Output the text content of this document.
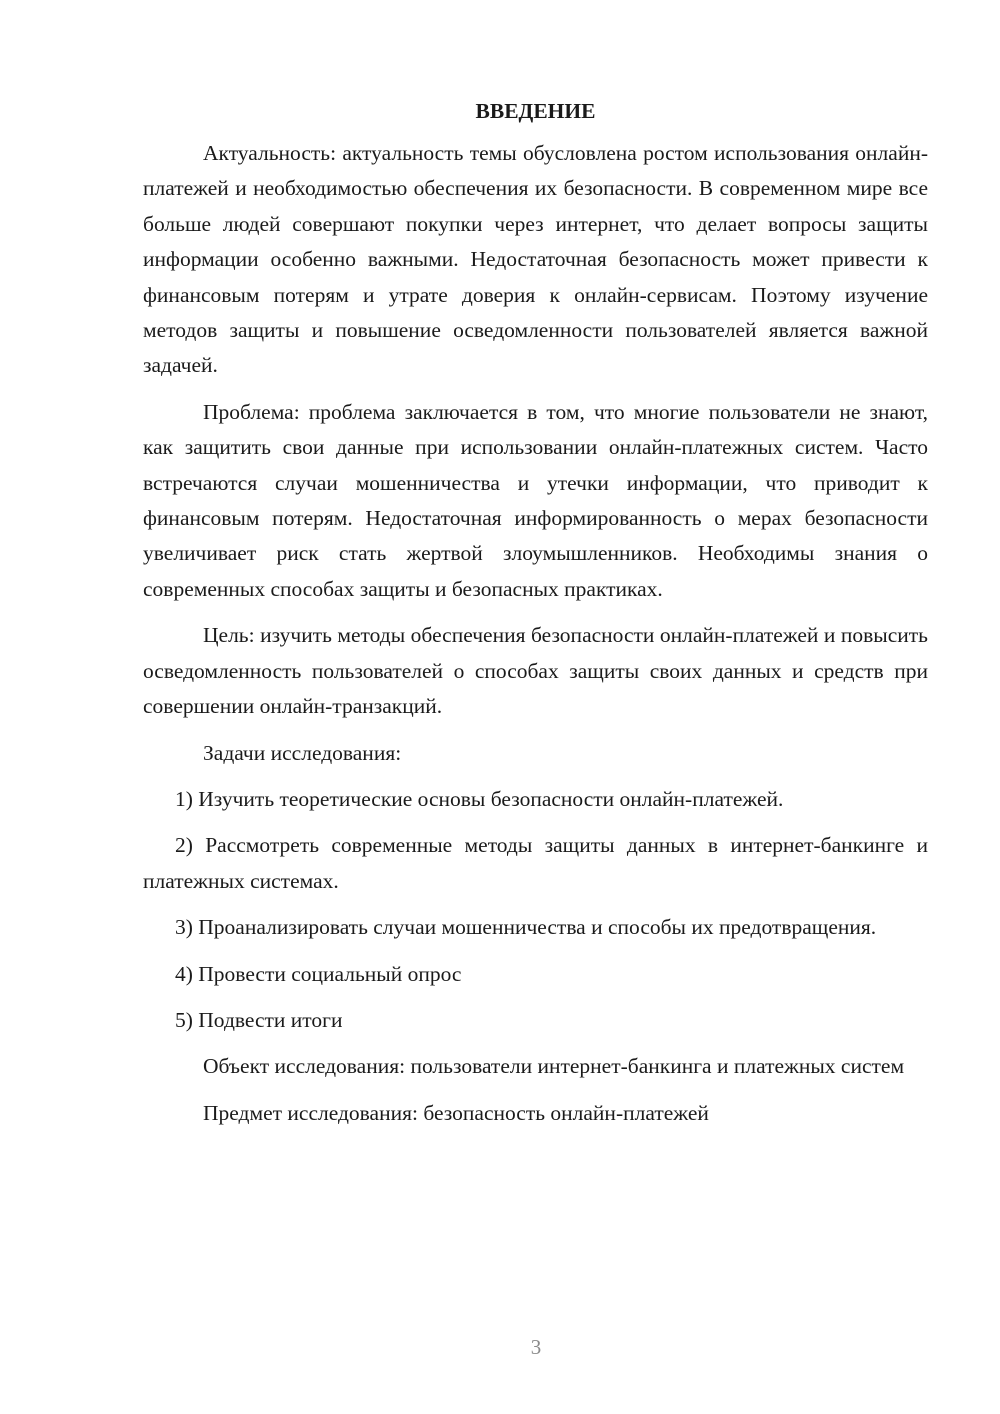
ВВЕДЕНИЕ

Актуальность: актуальность темы обусловлена ростом использования онлайн-платежей и необходимостью обеспечения их безопасности. В современном мире все больше людей совершают покупки через интернет, что делает вопросы защиты информации особенно важными. Недостаточная безопасность может привести к финансовым потерям и утрате доверия к онлайн-сервисам. Поэтому изучение методов защиты и повышение осведомленности пользователей является важной задачей.

Проблема: проблема заключается в том, что многие пользователи не знают, как защитить свои данные при использовании онлайн-платежных систем. Часто встречаются случаи мошенничества и утечки информации, что приводит к финансовым потерям. Недостаточная информированность о мерах безопасности увеличивает риск стать жертвой злоумышленников. Необходимы знания о современных способах защиты и безопасных практиках.

Цель: изучить методы обеспечения безопасности онлайн-платежей и повысить осведомленность пользователей о способах защиты своих данных и средств при совершении онлайн-транзакций.

Задачи исследования:

1) Изучить теоретические основы безопасности онлайн-платежей.

2) Рассмотреть современные методы защиты данных в интернет-банкинге и платежных системах.

3) Проанализировать случаи мошенничества и способы их предотвращения.

4) Провести социальный опрос

5) Подвести итоги

Объект исследования: пользователи интернет-банкинга и платежных систем

Предмет исследования: безопасность онлайн-платежей

3
